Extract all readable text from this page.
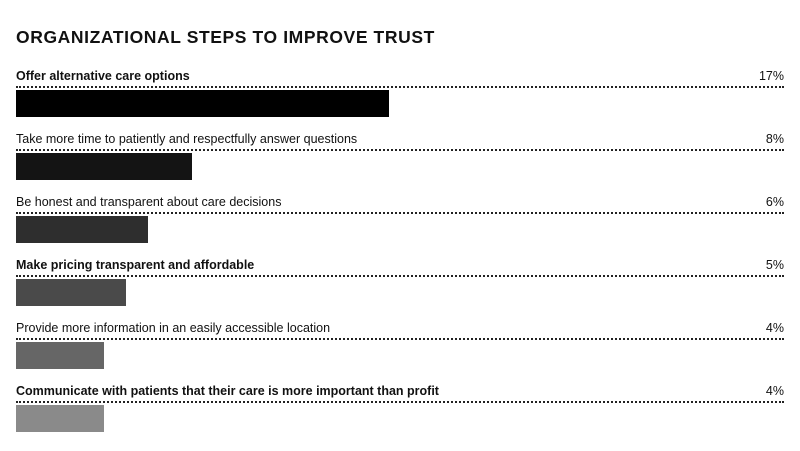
ORGANIZATIONAL STEPS TO IMPROVE TRUST
Offer alternative care options	17%
Take more time to patiently and respectfully answer questions	8%
Be honest and transparent about care decisions	6%
Make pricing transparent and affordable	5%
Provide more information in an easily accessible location	4%
Communicate with patients that their care is more important than profit	4%
